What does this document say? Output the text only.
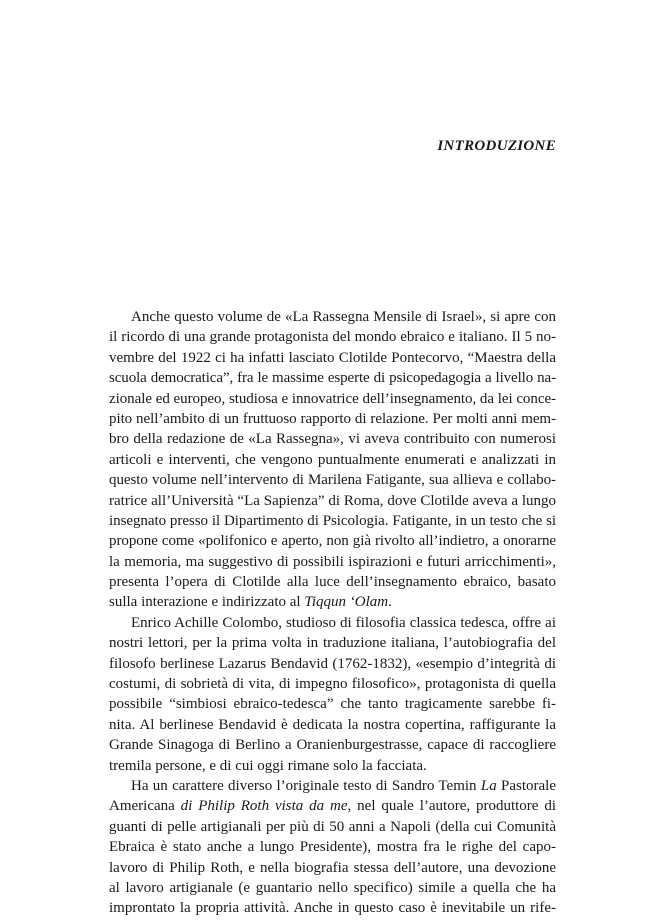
INTRODUZIONE
Anche questo volume de «La Rassegna Mensile di Israel», si apre con
il ricordo di una grande protagonista del mondo ebraico e italiano. Il 5 no-
vembre del 1922 ci ha infatti lasciato Clotilde Pontecorvo, “Maestra della
scuola democratica”, fra le massime esperte di psicopedagogia a livello na-
zionale ed europeo, studiosa e innovatrice dell’insegnamento, da lei conce-
pito nell’ambito di un fruttuoso rapporto di relazione. Per molti anni mem-
bro della redazione de «La Rassegna», vi aveva contribuito con numerosi
articoli e interventi, che vengono puntualmente enumerati e analizzati in
questo volume nell’intervento di Marilena Fatigante, sua allieva e collabo-
ratrice all’Università “La Sapienza” di Roma, dove Clotilde aveva a lungo
insegnato presso il Dipartimento di Psicologia. Fatigante, in un testo che si
propone come «polifonico e aperto, non già rivolto all’indietro, a onorarne
la memoria, ma suggestivo di possibili ispirazioni e futuri arricchimenti»,
presenta l’opera di Clotilde alla luce dell’insegnamento ebraico, basato
sulla interazione e indirizzato al Tiqqun ‘Olam.
Enrico Achille Colombo, studioso di filosofia classica tedesca, offre ai
nostri lettori, per la prima volta in traduzione italiana, l’autobiografia del
filosofo berlinese Lazarus Bendavid (1762-1832), «esempio d’integrità di
costumi, di sobrietà di vita, di impegno filosofico», protagonista di quella
possibile “simbiosi ebraico-tedesca” che tanto tragicamente sarebbe fi-
nita. Al berlinese Bendavid è dedicata la nostra copertina, raffigurante la
Grande Sinagoga di Berlino a Oranienburgestrasse, capace di raccogliere
tremila persone, e di cui oggi rimane solo la facciata.
Ha un carattere diverso l’originale testo di Sandro Temin La Pastorale
Americana di Philip Roth vista da me, nel quale l’autore, produttore di
guanti di pelle artigianali per più di 50 anni a Napoli (della cui Comunità
Ebraica è stato anche a lungo Presidente), mostra fra le righe del capo-
lavoro di Philip Roth, e nella biografia stessa dell’autore, una devozione
al lavoro artigianale (e guantario nello specifico) simile a quella che ha
improntato la propria attività. Anche in questo caso è inevitabile un rife-
